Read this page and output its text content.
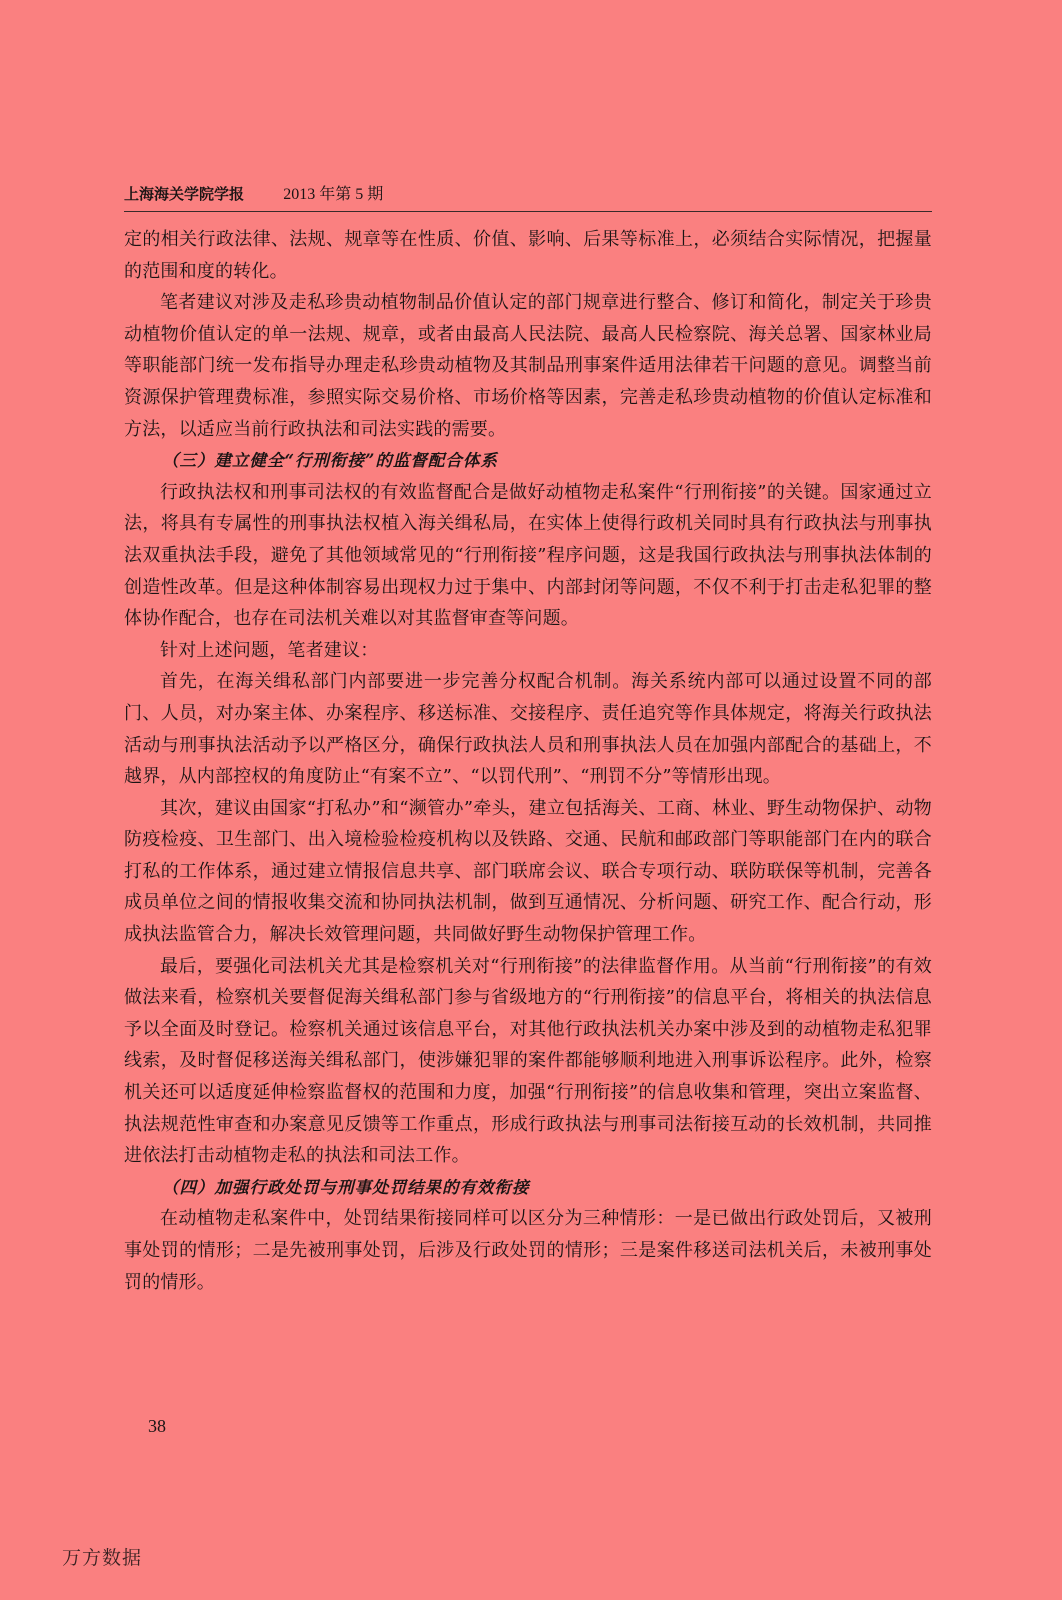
上海海关学院学报 2013 年第 5 期

定的相关行政法律、法规、规章等在性质、价值、影响、后果等标准上，必须结合实际情况，把握量的范围和度的转化。

笔者建议对涉及走私珍贵动植物制品价值认定的部门规章进行整合、修订和简化，制定关于珍贵动植物价值认定的单一法规、规章，或者由最高人民法院、最高人民检察院、海关总署、国家林业局等职能部门统一发布指导办理走私珍贵动植物及其制品刑事案件适用法律若干问题的意见。调整当前资源保护管理费标准，参照实际交易价格、市场价格等因素，完善走私珍贵动植物的价值认定标准和方法，以适应当前行政执法和司法实践的需要。

（三）建立健全“行刑衔接”的监督配合体系

行政执法权和刑事司法权的有效监督配合是做好动植物走私案件“行刑衔接”的关键。国家通过立法，将具有专属性的刑事执法权植入海关缉私局，在实体上使得行政机关同时具有行政执法与刑事执法双重执法手段，避免了其他领域常见的“行刑衔接”程序问题，这是我国行政执法与刑事执法体制的创造性改革。但是这种体制容易出现权力过于集中、内部封闭等问题，不仅不利于打击走私犯罪的整体协作配合，也存在司法机关难以对其监督审查等问题。

针对上述问题，笔者建议：

首先，在海关缉私部门内部要进一步完善分权配合机制。海关系统内部可以通过设置不同的部门、人员，对办案主体、办案程序、移送标准、交接程序、责任追究等作具体规定，将海关行政执法活动与刑事执法活动予以严格区分，确保行政执法人员和刑事执法人员在加强内部配合的基础上，不越界，从内部控权的角度防止“有案不立”、“以罚代刑”、“刑罚不分”等情形出现。

其次，建议由国家“打私办”和“濒管办”牵头，建立包括海关、工商、林业、野生动物保护、动物防疫检疫、卫生部门、出入境检验检疫机构以及铁路、交通、民航和邮政部门等职能部门在内的联合打私的工作体系，通过建立情报信息共享、部门联席会议、联合专项行动、联防联保等机制，完善各成员单位之间的情报收集交流和协同执法机制，做到互通情况、分析问题、研究工作、配合行动，形成执法监管合力，解决长效管理问题，共同做好野生动物保护管理工作。

最后，要强化司法机关尤其是检察机关对“行刑衔接”的法律监督作用。从当前“行刑衔接”的有效做法来看，检察机关要督促海关缉私部门参与省级地方的“行刑衔接”的信息平台，将相关的执法信息予以全面及时登记。检察机关通过该信息平台，对其他行政执法机关办案中涉及到的动植物走私犯罪线索，及时督促移送海关缉私部门，使涉嫌犯罪的案件都能够顺利地进入刑事诉讼程序。此外，检察机关还可以适度延伸检察监督权的范围和力度，加强“行刑衔接”的信息收集和管理，突出立案监督、执法规范性审查和办案意见反馈等工作重点，形成行政执法与刑事司法衔接互动的长效机制，共同推进依法打击动植物走私的执法和司法工作。

（四）加强行政处罚与刑事处罚结果的有效衔接

在动植物走私案件中，处罚结果衔接同样可以区分为三种情形：一是已做出行政处罚后，又被刑事处罚的情形；二是先被刑事处罚，后涉及行政处罚的情形；三是案件移送司法机关后，未被刑事处罚的情形。

38
万方数据
